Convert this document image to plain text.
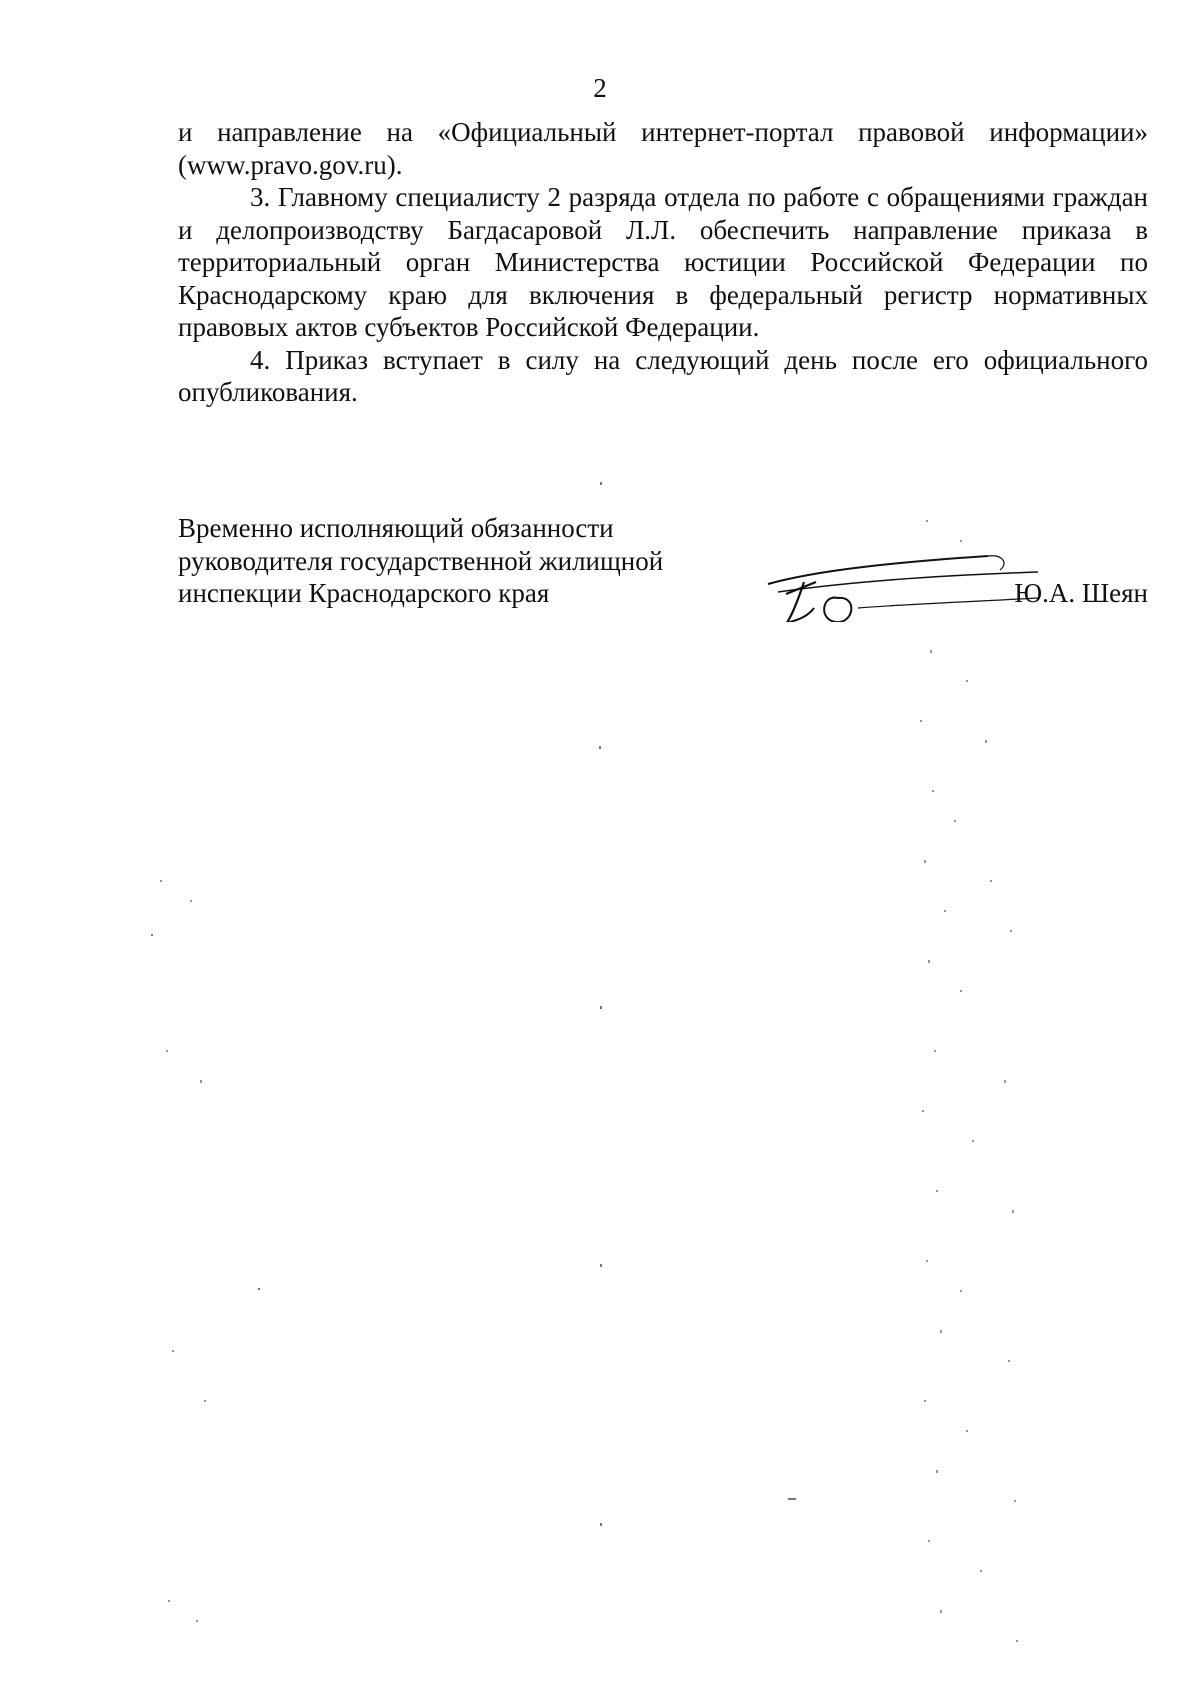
2

и направление на «Официальный интернет-портал правовой информации» (www.pravo.gov.ru).

3. Главному специалисту 2 разряда отдела по работе с обращениями граждан и делопроизводству Багдасаровой Л.Л. обеспечить направление приказа в территориальный орган Министерства юстиции Российской Федерации по Краснодарскому краю для включения в федеральный регистр нормативных правовых актов субъектов Российской Федерации.

4. Приказ вступает в силу на следующий день после его официального опубликования.

Временно исполняющий обязанности
руководителя государственной жилищной
инспекции Краснодарского края	Ю.А. Шеян
